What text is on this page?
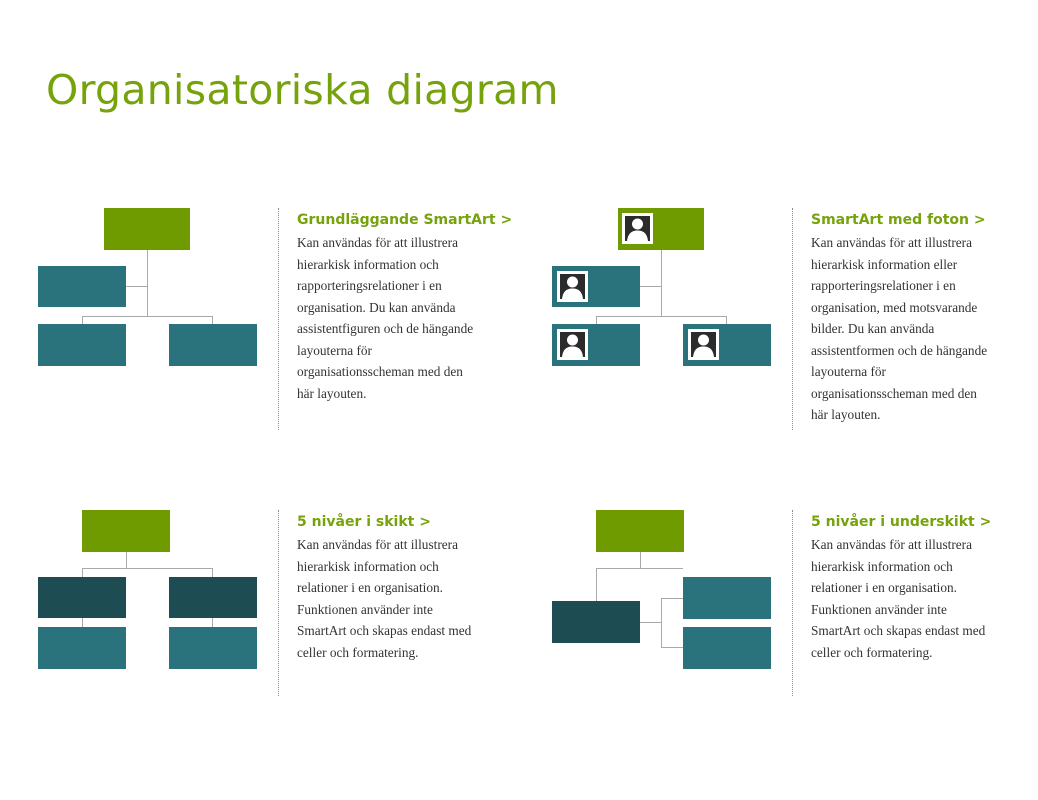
Organisatoriska diagram
Grundläggande SmartArt >
Kan användas för att illustrera
hierarkisk information och
rapporteringsrelationer i en
organisation. Du kan använda
assistentfiguren och de hängande
layouterna för
organisationsscheman med den
här layouten.
SmartArt med foton >
Kan användas för att illustrera
hierarkisk information eller
rapporteringsrelationer i en
organisation, med motsvarande
bilder. Du kan använda
assistentformen och de hängande
layouterna för
organisationsscheman med den
här layouten.
5 nivåer i skikt >
Kan användas för att illustrera
hierarkisk information och
relationer i en organisation.
Funktionen använder inte
SmartArt och skapas endast med
celler och formatering.
5 nivåer i underskikt >
Kan användas för att illustrera
hierarkisk information och
relationer i en organisation.
Funktionen använder inte
SmartArt och skapas endast med
celler och formatering.
